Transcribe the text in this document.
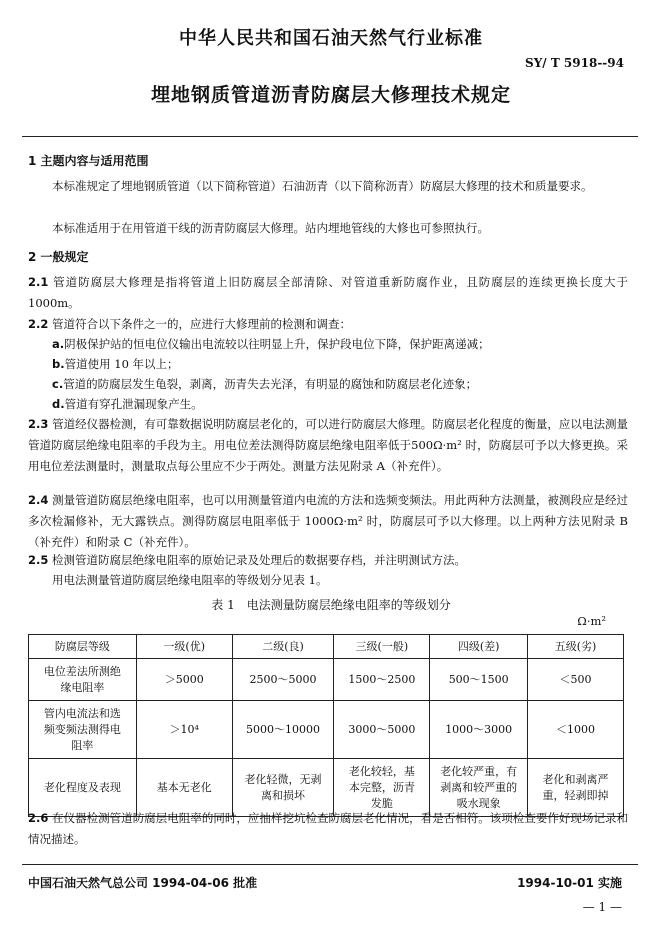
中华人民共和国石油天然气行业标准
SY/ T 5918--94
埋地钢质管道沥青防腐层大修理技术规定
1 主题内容与适用范围
本标准规定了埋地钢质管道（以下简称管道）石油沥青（以下简称沥青）防腐层大修理的技术和质量要求。
本标准适用于在用管道干线的沥青防腐层大修理。站内埋地管线的大修也可参照执行。
2 一般规定
2.1 管道防腐层大修理是指将管道上旧防腐层全部清除、对管道重新防腐作业，且防腐层的连续更换长度大于 1000m。
2.2 管道符合以下条件之一的，应进行大修理前的检测和调查：
a.阴极保护站的恒电位仪输出电流较以往明显上升，保护段电位下降，保护距离递减；
b.管道使用 10 年以上；
c.管道的防腐层发生龟裂，剥离，沥青失去光泽，有明显的腐蚀和防腐层老化迹象；
d.管道有穿孔泄漏现象产生。
2.3 管道经仪器检测，有可靠数据说明防腐层老化的，可以进行防腐层大修理。防腐层老化程度的衡量，应以电法测量管道防腐层绝缘电阻率的手段为主。用电位差法测得防腐层绝缘电阻率低于500Ω·m² 时，防腐层可予以大修更换。采用电位差法测量时，测量取点每公里应不少于两处。测量方法见附录 A（补充件）。
2.4 测量管道防腐层绝缘电阻率，也可以用测量管道内电流的方法和选频变频法。用此两种方法测量，被测段应是经过多次检漏修补，无大露铁点。测得防腐层电阻率低于 1000Ω·m² 时，防腐层可予以大修理。以上两种方法见附录 B（补充件）和附录 C（补充件）。
2.5 检测管道防腐层绝缘电阻率的原始记录及处理后的数据要存档，并注明测试方法。
用电法测量管道防腐层绝缘电阻率的等级划分见表 1。
表 1　电法测量防腐层绝缘电阻率的等级划分
Ω·m²
防腐层等级	一级(优)	二级(良)	三级(一般)	四级(差)	五级(劣)
电位差法所测绝缘电阻率	＞5000	2500～5000	1500～2500	500～1500	＜500
管内电流法和选频变频法测得电阻率	＞10⁴	5000～10000	3000～5000	1000～3000	＜1000
老化程度及表现	基本无老化	老化轻微，无剥离和损坏	老化较轻，基本完整，沥青发脆	老化较严重，有剥离和较严重的吸水现象	老化和剥离严重，轻剥即掉
2.6 在仪器检测管道防腐层电阻率的同时，应抽样挖坑检查防腐层老化情况，看是否相符。该项检查要作好现场记录和情况描述。
中国石油天然气总公司 1994-04-06 批准	1994-10-01 实施
— 1 —
